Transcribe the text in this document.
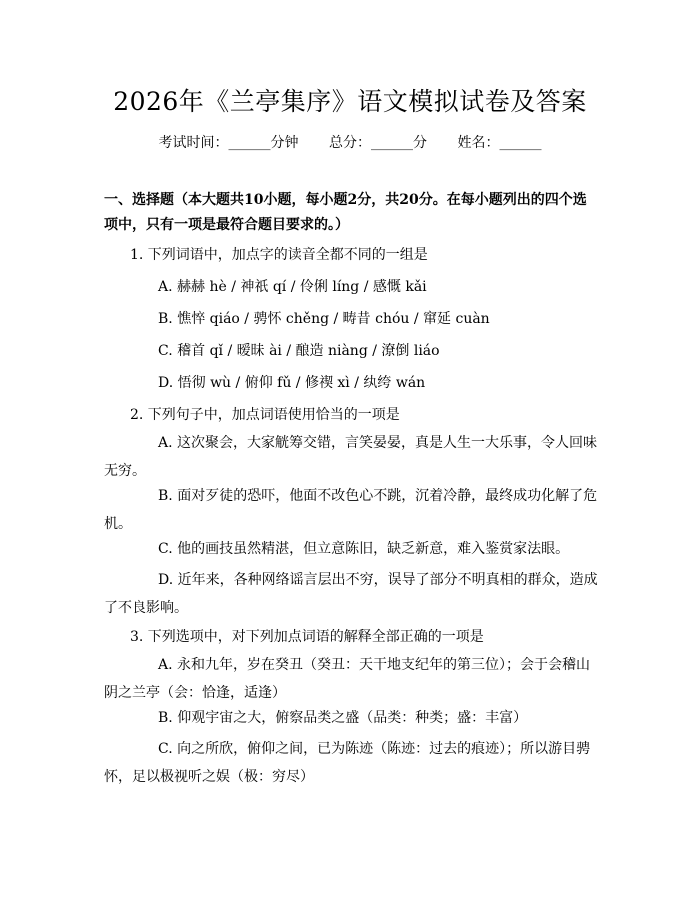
2026年《兰亭集序》语文模拟试卷及答案
考试时间：______分钟 总分：______分 姓名：______
一、选择题（本大题共10小题，每小题2分，共20分。在每小题列出的四个选项中，只有一项是最符合题目要求的。）
1. 下列词语中，加点字的读音全都不同的一组是
A. 赫赫 hè / 神祇 qí / 伶俐 líng / 感慨 kǎi
B. 憔悴 qiáo / 骋怀 chěng / 畴昔 chóu / 窜延 cuàn
C. 稽首 qǐ / 暧昧 ài / 酿造 niàng / 潦倒 liáo
D. 悟彻 wù / 俯仰 fǔ / 修禊 xì / 纨绔 wán
2. 下列句子中，加点词语使用恰当的一项是
A. 这次聚会，大家觥筹交错，言笑晏晏，真是人生一大乐事，令人回味无穷。
B. 面对歹徒的恐吓，他面不改色心不跳，沉着冷静，最终成功化解了危机。
C. 他的画技虽然精湛，但立意陈旧，缺乏新意，难入鉴赏家法眼。
D. 近年来，各种网络谣言层出不穷，误导了部分不明真相的群众，造成了不良影响。
3. 下列选项中，对下列加点词语的解释全部正确的一项是
A. 永和九年，岁在癸丑（癸丑：天干地支纪年的第三位）；会于会稽山阴之兰亭（会：恰逢，适逢）
B. 仰观宇宙之大，俯察品类之盛（品类：种类；盛：丰富）
C. 向之所欣，俯仰之间，已为陈迹（陈迹：过去的痕迹）；所以游目骋怀，足以极视听之娱（极：穷尽）
